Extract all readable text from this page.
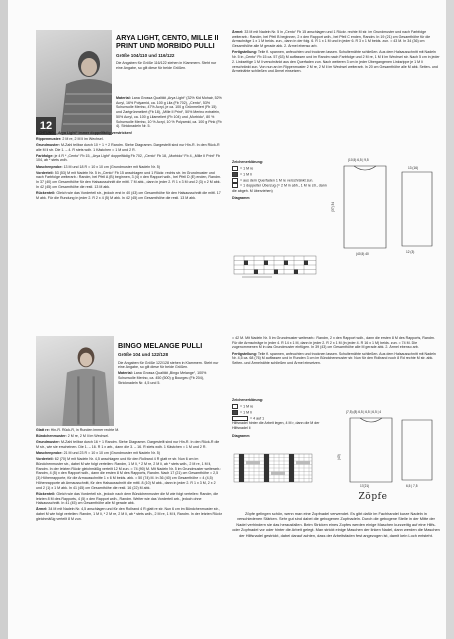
12
ARYA LIGHT, CENTO, MILLE II PRINT UND MORBIDO PULLI
Größe 104/110 und 116/122

Die Angaben für Größe 116/122 stehen in Klammern. Steht nur eine Angabe, so gilt diese für beide Größen.

Material: Lana Grossa Qualität „Arya Light“ (32% Kid Mohair, 52% Acryl, 16% Polyamid, ca. 100 g Lila (Fb 702), „Cento“, 53% Schurwolle Merino, 47% Acryl, je ca. 100 g Grünmeliert (Fb 15) und Zartgrünmeliert (Fb 18), „Mille II Print“, 50% Merino extrafein, 50% Acryl, ca. 100 g Lilameliert (Fb 104) und „Morbido“, 80 % Schurwolle Merino, 10 % Acryl, 10 % Polyamid, ca. 100 g Pink (Fb 4). Stricknadeln Nr. 5.

ACHTUNG: „Arya Light“ immer doppelfädig verstricken!

Rippenmuster: 2 M re, 2 M li im Wechsel.

Grundmuster: M-Zahl teilbar durch 10 + 1 + 2 Randm. Siehe Diagramm. Dargestellt sind nur Hin-R. In den Rück-R alle M li str. Die 1. – 4. R stets wdh. 1 Kästchen = 1 M und 2 R.

Farbfolge: je 4 R * „Cento“ Fb 15, „Arya Light“ doppelfädig Fb 702, „Cento“ Fb 18, „Morbido“ Fb 4, „Mille II Print“ Fb 104, ab * stets wdh.

Maschenprobe: 13 M und 18 R = 10 x 10 cm (Grundmuster mit Nadeln Nr. 5)

Vorderteil: 53 (53) M mit Nadeln Nr. 5 in „Cento“ Fb 15 anschlagen und 1 Rückr. rechts str. im Grundmuster und nach Farbfolge weiterarb.: Randm, bei Pfeil A (B) beginnen, 3 (4) x den Rapport wdh., bei Pfeil D (E) enden, Randm. In 37 (40) cm Gesamthöhe für den Halsausschnitt die mittl. 7 M abk., dann in jeder 2. R 1 x 3 M und 2 (3) x 2 M abk. In 42 (45) cm Gesamthöhe die restl. 13 M abk.

Rückenteil: Gleich wie das Vorderteil str., jedoch erst in 40 (43) cm Gesamthöhe für den Halsausschnitt die mittl. 17 M abk. Für die Rundung in jeder 2. R 2 x 4 (5) M abk. In 42 (45) cm Gesamthöhe die restl. 13 M abk.

Ärmel: 33 M mit Nadeln Nr. 5 in „Cento“ Fb 15 anschlagen und 1 Rückr. rechte M str. im Grundmuster und nach Farbfolge weiterarb.: Randm, bei Pfeil B beginnen, 2 x den Rapport wdh., bei Pfeil C enden, Randm. In 19 (21) cm Gesamthöhe für die Armschräge 1 x 1 M beids. zun., dann in der folg. 6. R 1 x 1 M und in jeder 6. R 3 x 1 M beids. zun. = 43 M. In 34 (36) cm Gesamthöhe alle M gerade abk. 2. Ärmel ebenso arb.

Fertigstellung: Teile fl. spannen, anfeuchten und trocknen lassen. Schulternähte schließen. Aus dem Halsausschnitt mit Nadeln Nr. 5 in „Cento“ Fb 15 ca. 57 (63) M auffassen und im Randm nach Farbfolge und 2 M re, 1 M li im Wechsel str. Nach 5 cm in jeder 2. Linkseitige 1 M li verschränkt aus den Querfaden zun. Nach weiteren 3 cm in jeder Übergangenen Linksrippe je 1 M li verschränkt zun. Von nun an im Rippenmuster 2 M re, 2 M li im Wechsel weiterarb. In 20 cm Gesamthöhe alle M abk. Seiten- und Ärmelnähte schließen und Ärmel einsetzen.

Zeichenerklärung:

= 1 M re

= 1 M li

= aus dem Querfaden 1 M re verschränkt zun.

= 1 doppelter Überzug (= 2 M in abh., 1 M re str., dann die abgeh. M überziehen)

Diagramm

(10,5) 6,5 | 9,5
(37) 34
(40,5) 40
13 (16)
12 (3)
BINGO MELANGE PULLI
Größe 104 und 122/128

Die Angaben für Größe 122/128 stehen in Klammern. Steht nur eine Angabe, so gilt diese für beide Größen.

Material: Lana Grossa Qualität „Bingo Melange“, 100% Schurwolle Merino, ca. 450 (500) g Bourgeu (Fb 204), Stricknadeln Nr. 4,5 und 5.

Glatt re: Hin-R. Rück-R, in Runden immer rechte M.

Bündchenmuster: 2 M re, 2 M li im Wechsel.

Grundmuster: M-Zahl teilbar durch 16 + 1 Randm. Siehe Diagramm. Dargestellt sind nur Hin-R. In den Rück-R die M str., wie sie erscheinen. Die 1. – 16. R 1 x arb., dann die 3. – 16. R stets wdh. 1 Kästchen = 1 M und 2 R.

Maschenprobe: 21 M und 23 R = 10 x 10 cm (Grundmuster mit Nadeln Nr. 5)

Vorderteil: 62 (70) M mit Nadeln Nr. 4,5 anschlagen und für den Rollrand 4 R glatt re str. Nun 6 cm im Bündchenmuster str., dabei M wie folgt verteilen: Randm, 1 M li, * 2 M re, 2 M li, ab * stets wdh., 2 M re, 1 M li, Randm. In der letzten Rückr gleichmäßig verteilt 12 M zun. = 74 (90) M. Mit Nadeln Nr. 5 im Grundmuster weiterarb.: Randm, 4 (5) x den Rapport wdh., dann die ersten 8 M des Rapports, Randm. Nach 17 (21) cm Gesamthöhe = 2,5 (3) Höhenrapporte, für die Armausschnitte 1 x 6 M beids. abk. = 50 (74) M. In 36 (40) cm Gesamthöhe = 4 (4,5) Höhenrapporte ab Armausschnitt, für den Halsausschnitt die mittl. 8 (10) M abk., dann in jeder 2. R 1 x 3 M, 2 x 2 und 2 (1) x 1 M abk. In 41 (45) cm Gesamthöhe die restl. 16 (22) M abk.

Rückenteil: Gleich wie das Vorderteil str., jedoch nach dem Bündchenmuster die M wie folgt verteilen: Randm, die letzten 8 M des Rapports, 4 (5) x den Rapport wdh., Randm. Weiter wie das Vorderteil arb., jedoch ohne Halsausschnitt. In 41 (45) cm Gesamthöhe alle M gerade abk.

Ärmel: 34 M mit Nadeln Nr. 4,5 anschlagen und für den Rollrand 4 R glatt re str. Nun 6 cm im Bündchenmuster str., dabei M wie folgt verteilen: Randm, 1 M li, * 2 M re, 2 M li, ab * stets wdh., 2 M re, 1 M li, Randm. In der letzten Rückr gleichmäßig verteilt 8 M zun.

= 42 M. Mit Nadeln Nr. 5 im Grundmuster weiterarb.: Randm, 2 x den Rapport wdh., dann die ersten 8 M des Rapports, Randm. Für die Armschräge in jeder 4. R 14 x 1 M, dann in jeder 2. R 2 x 1 M (in jeder 4. R 16 x 1 M) beids. zun. = 74 M. Die zugenommenen M in das Grundmuster einfügen. In 39 (43) cm Gesamthöhe alle M gerade abk. 2. Ärmel ebenso arb.

Fertigstellung: Teile fl. spannen, anfeuchten und trocknen lassen. Schulternähte schließen. Aus dem Halsausschnitt mit Nadeln Nr. 4,5 ca. 68 (76) M auffassen und in Runden 3 cm im Bündchenmuster str. Nun für den Rollrand noch 8 Rd rechte M str. abk. Seiten- und Ärmelnähte schließen und Ärmel einsetzen.

Zeichenerklärung:

= 1 M re

= 1 M li

= 4 auf 1

Hilfsnadel hinter die Arbeit legen, 4 M r, dann die M der Hilfsnadel li

Diagramm

(7,5) (8) 6,5 | 6,5 | 6,5 | 4
(43)
17(21)	6,5 | 7,5
Zöpfe
Zöpfe gelingen schön, wenn man eine Zopfnadel verwendet. Es gibt dafür im Fachhandel kurze Nadeln in verschiedenen Stärken. Sehr gut sind dabei die gebogenen Zopfnadeln. Durch die gebogene Stelle in der Mitte der Nadel verhindern sie das herausfallen. Beim Stricken eines Zopfes werden einige Maschen kurzzeitig auf eine Hilfs- oder Zopfnadel vor oder hinter die Arbeit gelegt. Man strickt einige Maschen der linken Nadel, dann werden die Maschen der Hilfsnadel gestrickt, dabei darauf achten, dass der Arbeitsfaden fest angezogen ist, damit kein Loch entsteht.
